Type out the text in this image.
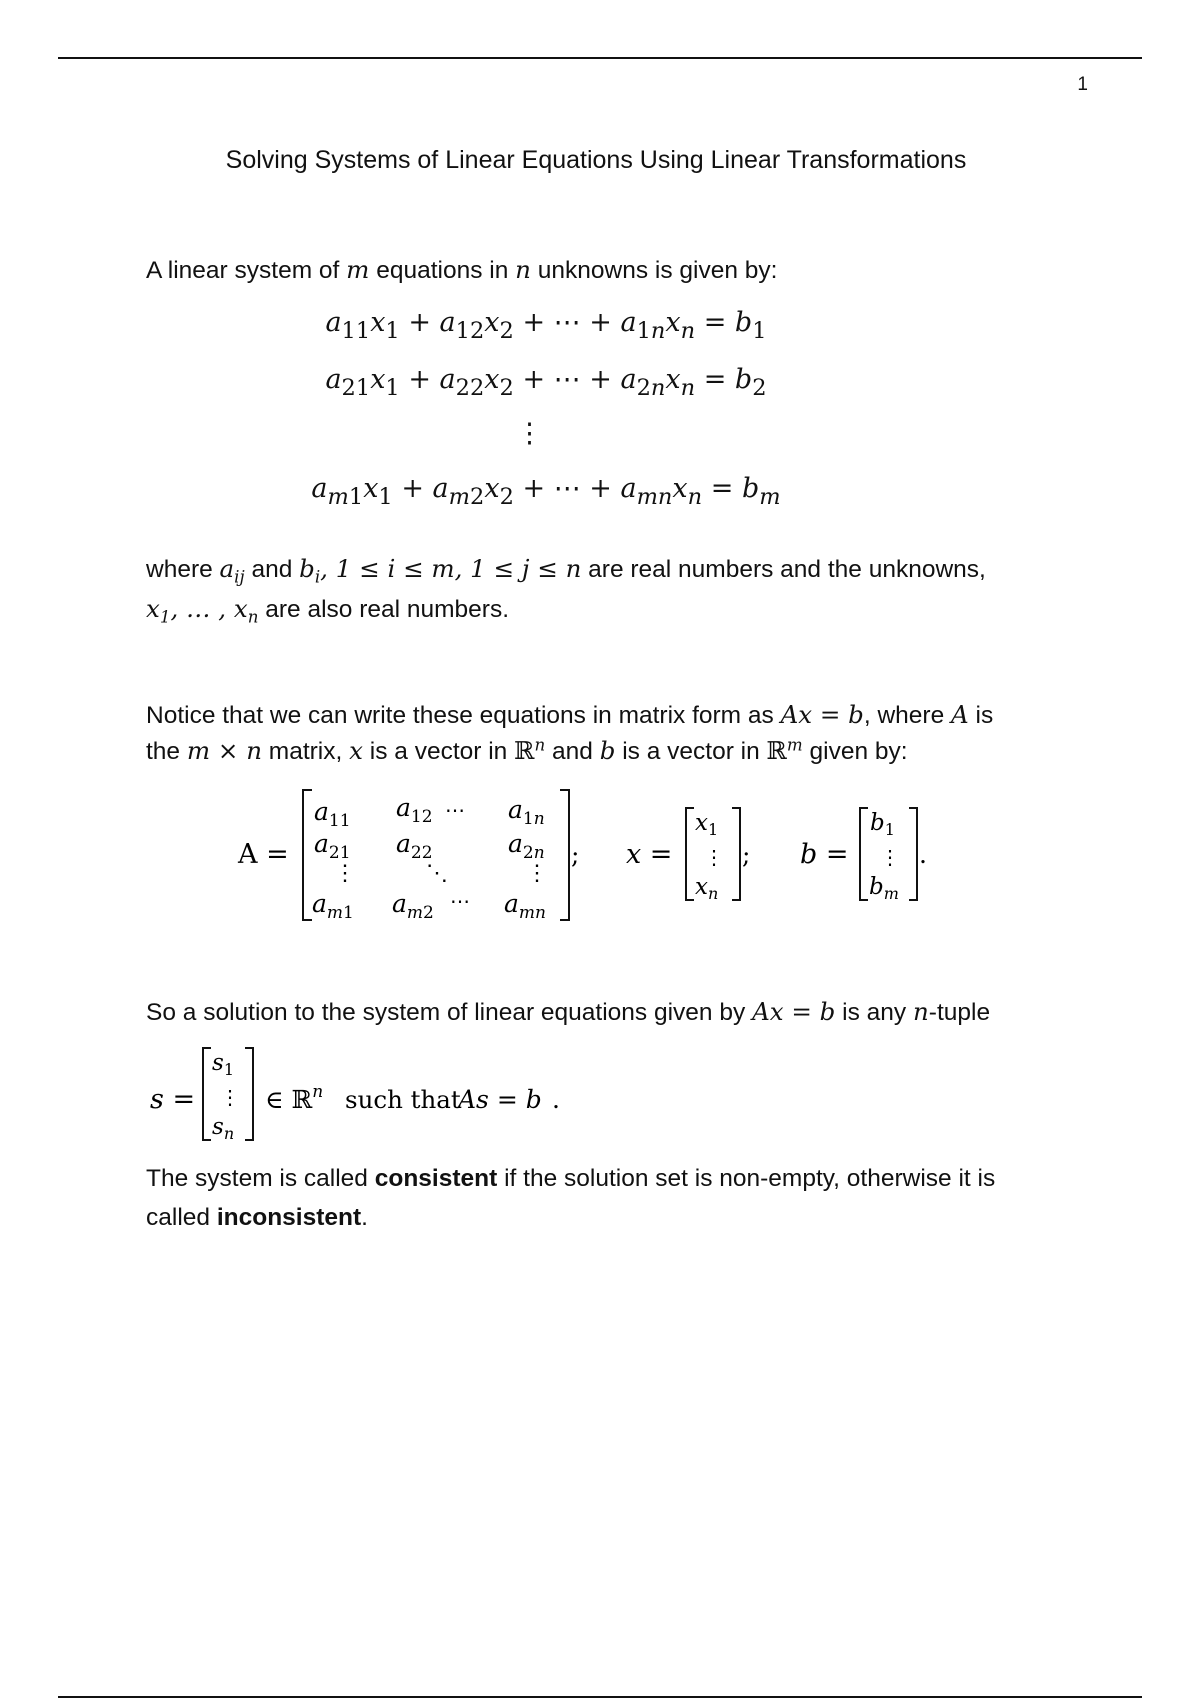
1
Solving Systems of Linear Equations Using Linear Transformations
A linear system of m equations in n unknowns is given by:
$a_{11}x_1 + a_{12}x_2$ + ⋯ + $a_{1n}x_n = b_1$
$a_{21}x_1 + a_{22}x_2$ + ⋯ + $a_{2n}x_n = b_2$
⋮
$a_{m1}x_1 + a_{m2}x_2$ + ⋯ + $a_{mn}x_n = b_m$
where $a_{ij}$ and $b_i$, 1 ≤ i ≤ m, 1 ≤ j ≤ n are real numbers and the unknowns,
$x_1$, … , $x_n$ are also real numbers.
Notice that we can write these equations in matrix form as Ax = b, where A is
the m × n matrix, x is a vector in ℝ$^n$ and b is a vector in ℝ$^m$ given by:
A =
$a_{11}$ $a_{12}$ ⋯ $a_1n$
$a_{21}$ $a_{22}$	$a_2n$
⋮	⋱	⋮
$a_m1$ $a_m2$ ⋯ $a_{mn}$
; x =
$x_1$
⋮
$x_n$
; b =
$b_1$
⋮
$b_m$
.
So a solution to the system of linear equations given by Ax = b is any n-tuple
s =
$s_1$
⋮
$s_n$
∈ ℝ$^n$ such that
As = b .
The system is called consistent if the solution set is non-empty, otherwise it is
called inconsistent.
